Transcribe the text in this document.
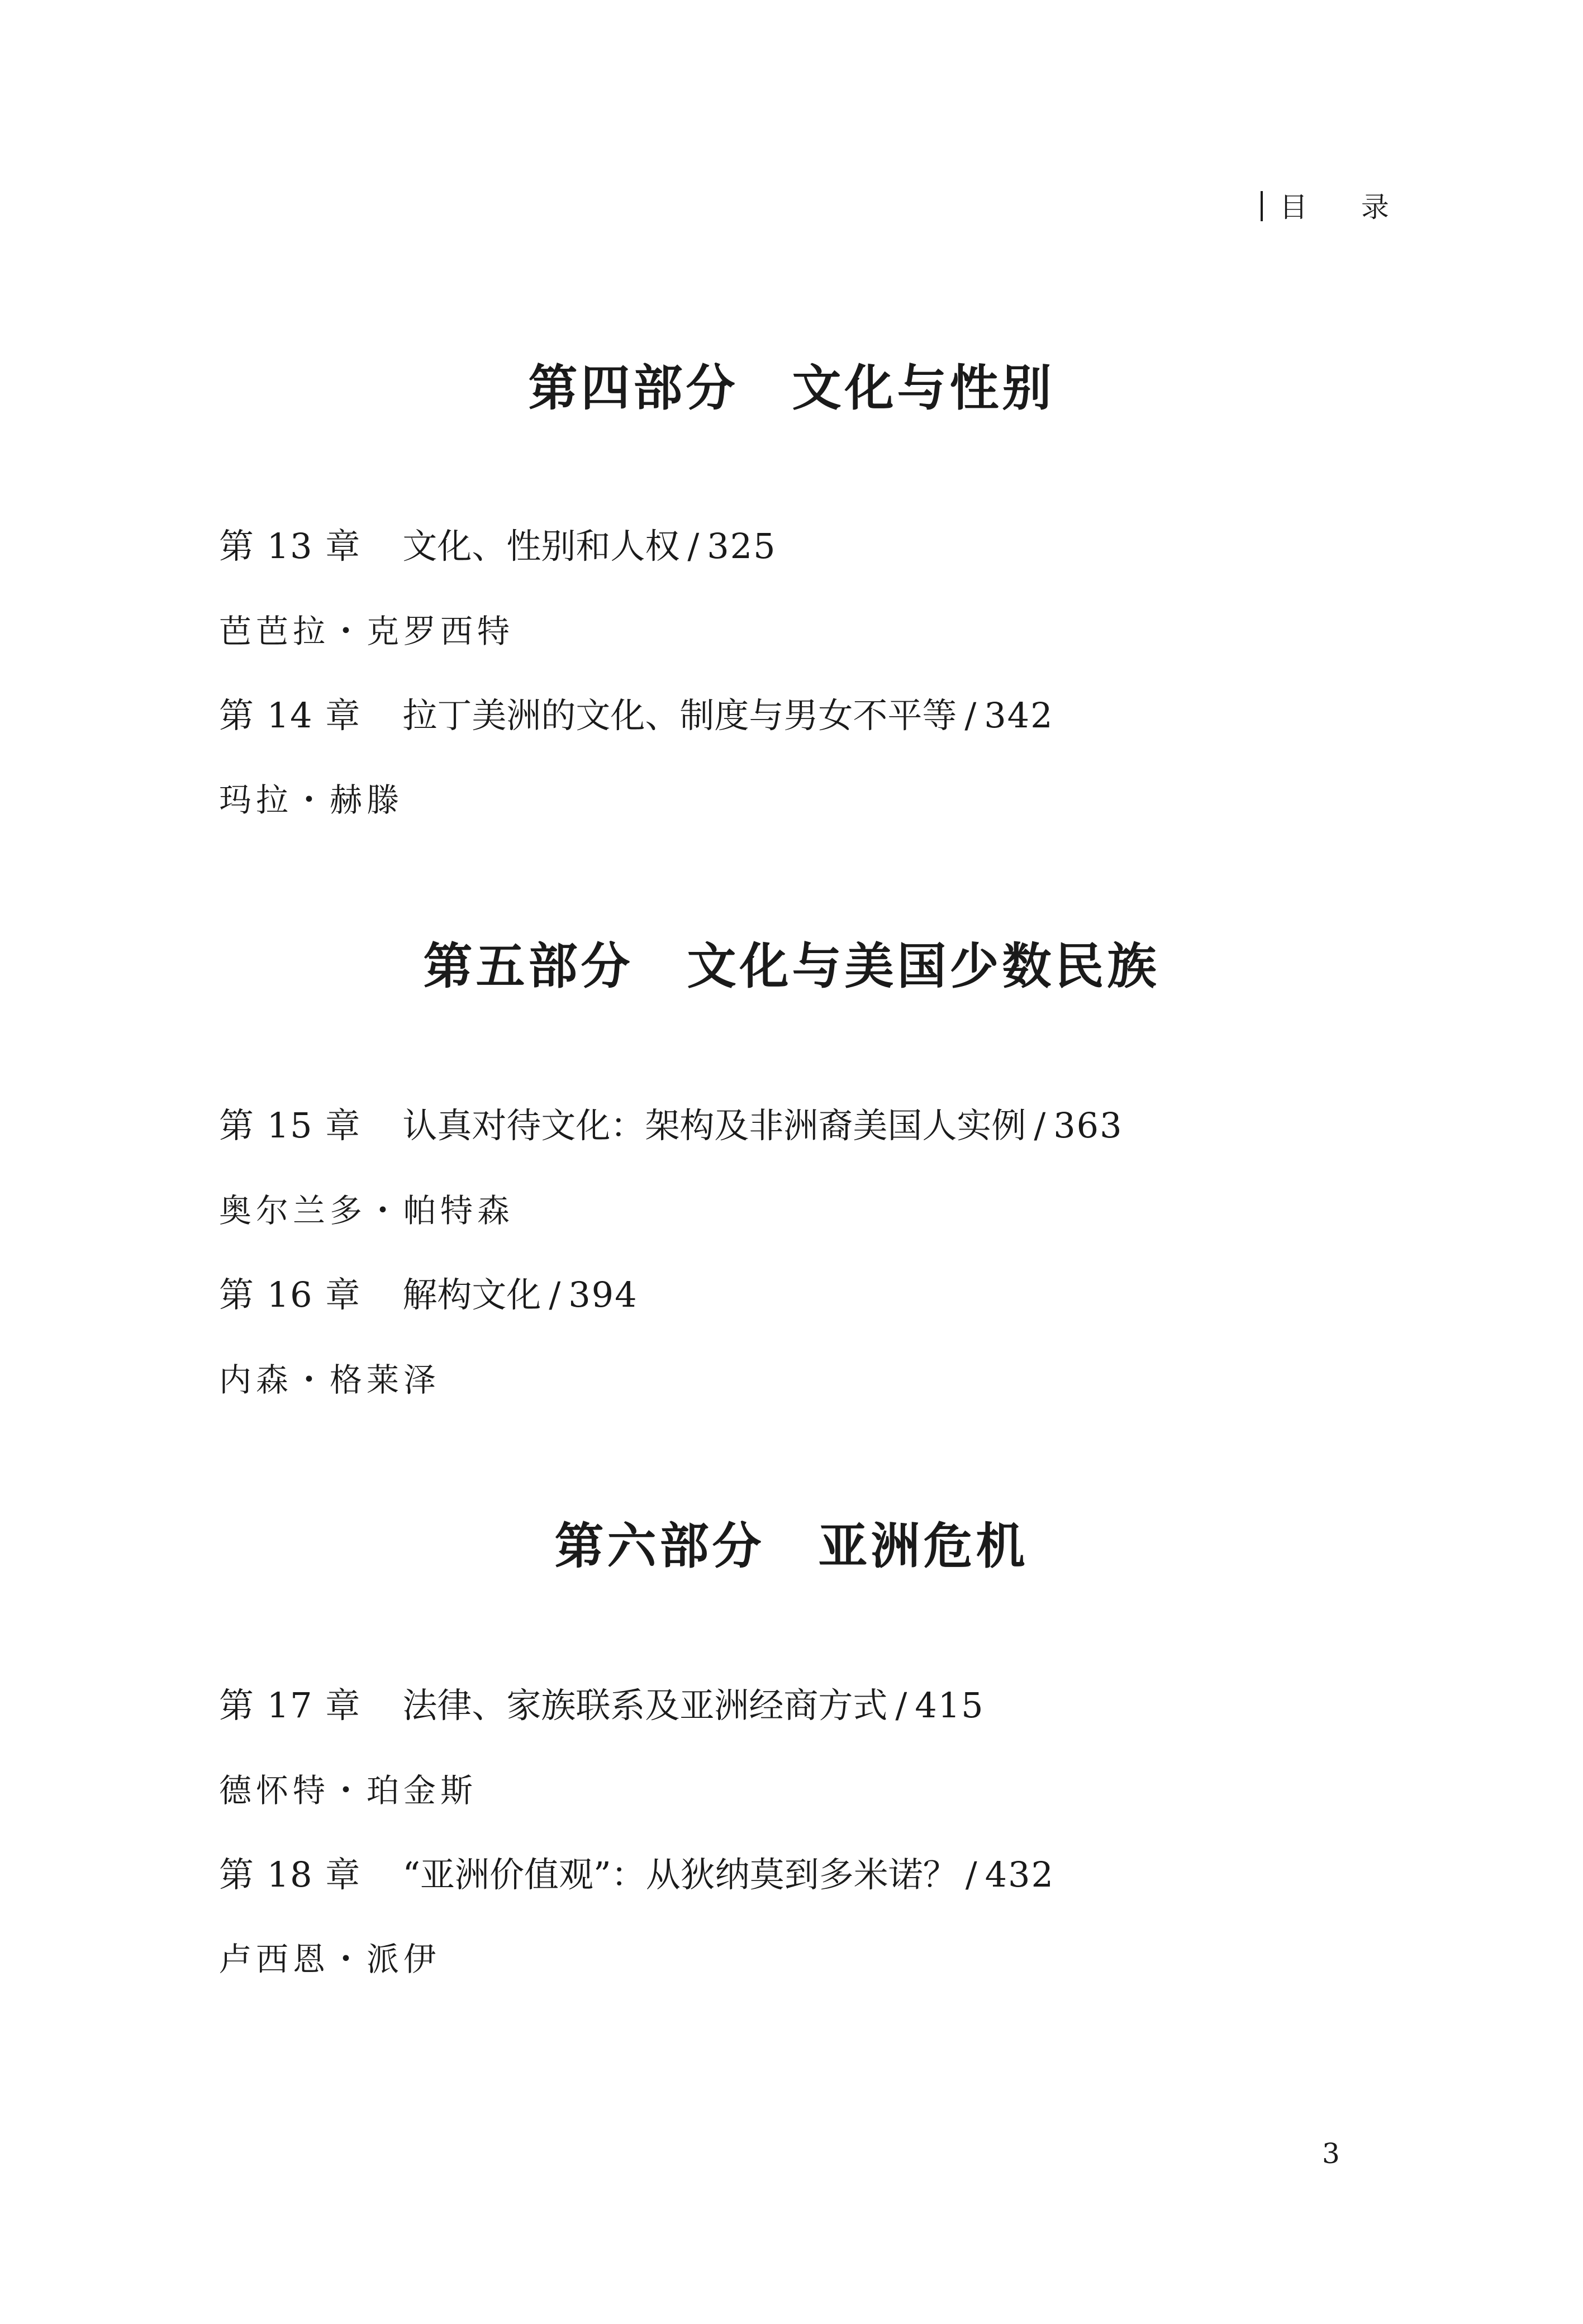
目 录
第四部分 文化与性别
第 13 章 文化、性别和人权 / 325
芭芭拉・克罗西特
第 14 章 拉丁美洲的文化、制度与男女不平等 / 342
玛拉・赫滕
第五部分 文化与美国少数民族
第 15 章 认真对待文化：架构及非洲裔美国人实例 / 363
奥尔兰多・帕特森
第 16 章 解构文化 / 394
内森・格莱泽
第六部分 亚洲危机
第 17 章 法律、家族联系及亚洲经商方式 / 415
德怀特・珀金斯
第 18 章 “亚洲价值观”：从狄纳莫到多米诺？ / 432
卢西恩・派伊
3
